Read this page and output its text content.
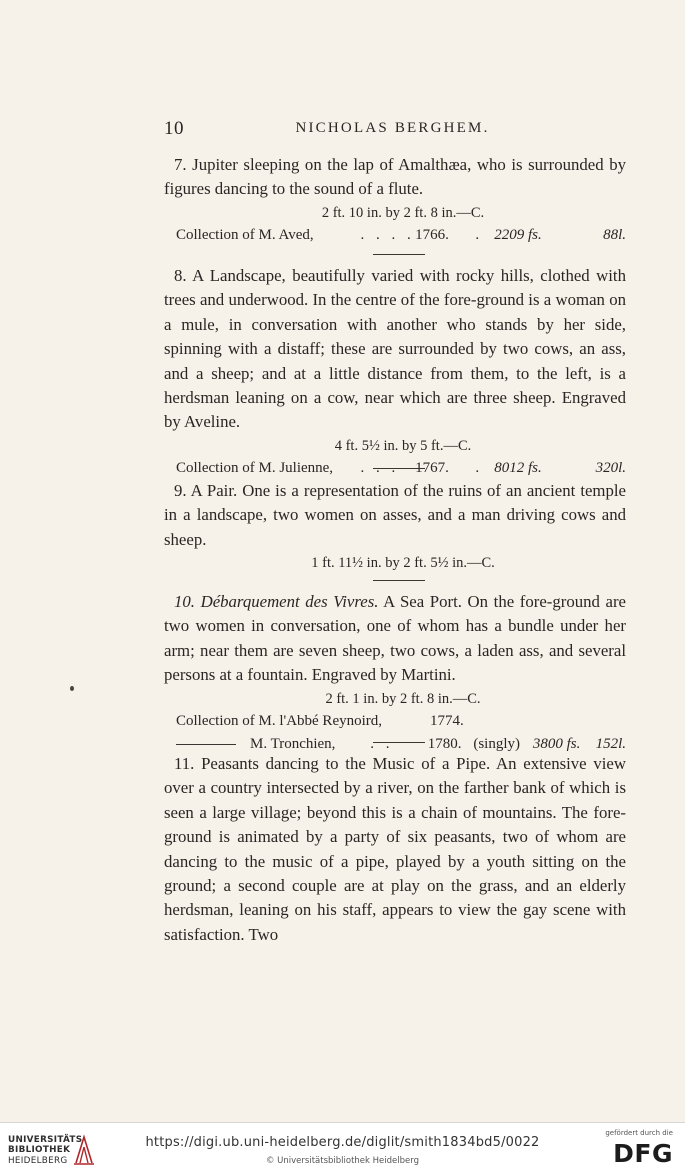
10	NICHOLAS BERGHEM.

7. Jupiter sleeping on the lap of Amalthæa, who is surrounded by figures dancing to the sound of a flute.

2 ft. 10 in. by 2 ft. 8 in.—C.
Collection of M. Aved,	. . . . 1766.	.	2209 fs.	88l.

8. A Landscape, beautifully varied with rocky hills, clothed with trees and underwood. In the centre of the fore-ground is a woman on a mule, in conversation with another who stands by her side, spinning with a distaff; these are surrounded by two cows, an ass, and a sheep; and at a little distance from them, to the left, is a herdsman leaning on a cow, near which are three sheep. Engraved by Aveline.

4 ft. 5½ in. by 5 ft.—C.
Collection of M. Julienne,	. . .	1767.	.	8012 fs.	320l.

9. A Pair. One is a representation of the ruins of an ancient temple in a landscape, two women on asses, and a man driving cows and sheep.

1 ft. 11½ in. by 2 ft. 5½ in.—C.

10. Débarquement des Vivres. A Sea Port. On the fore-ground are two women in conversation, one of whom has a bundle under her arm; near them are seven sheep, two cows, a laden ass, and several persons at a fountain. Engraved by Martini.

2 ft. 1 in. by 2 ft. 8 in.—C.
Collection of M. l'Abbé Reynoird,	1774.
M. Tronchien,	. .	1780. (singly) 3800 fs.	152l.

11. Peasants dancing to the Music of a Pipe. An extensive view over a country intersected by a river, on the farther bank of which is seen a large village; beyond this is a chain of mountains. The fore-ground is animated by a party of six peasants, two of whom are dancing to the music of a pipe, played by a youth sitting on the ground; a second couple are at play on the grass, and an elderly herdsman, leaning on his staff, appears to view the gay scene with satisfaction. Two

UNIVERSITÄTS-
BIBLIOTHEK
HEIDELBERG
https://digi.ub.uni-heidelberg.de/diglit/smith1834bd5/0022
© Universitätsbibliothek Heidelberg
gefördert durch die
DFG
